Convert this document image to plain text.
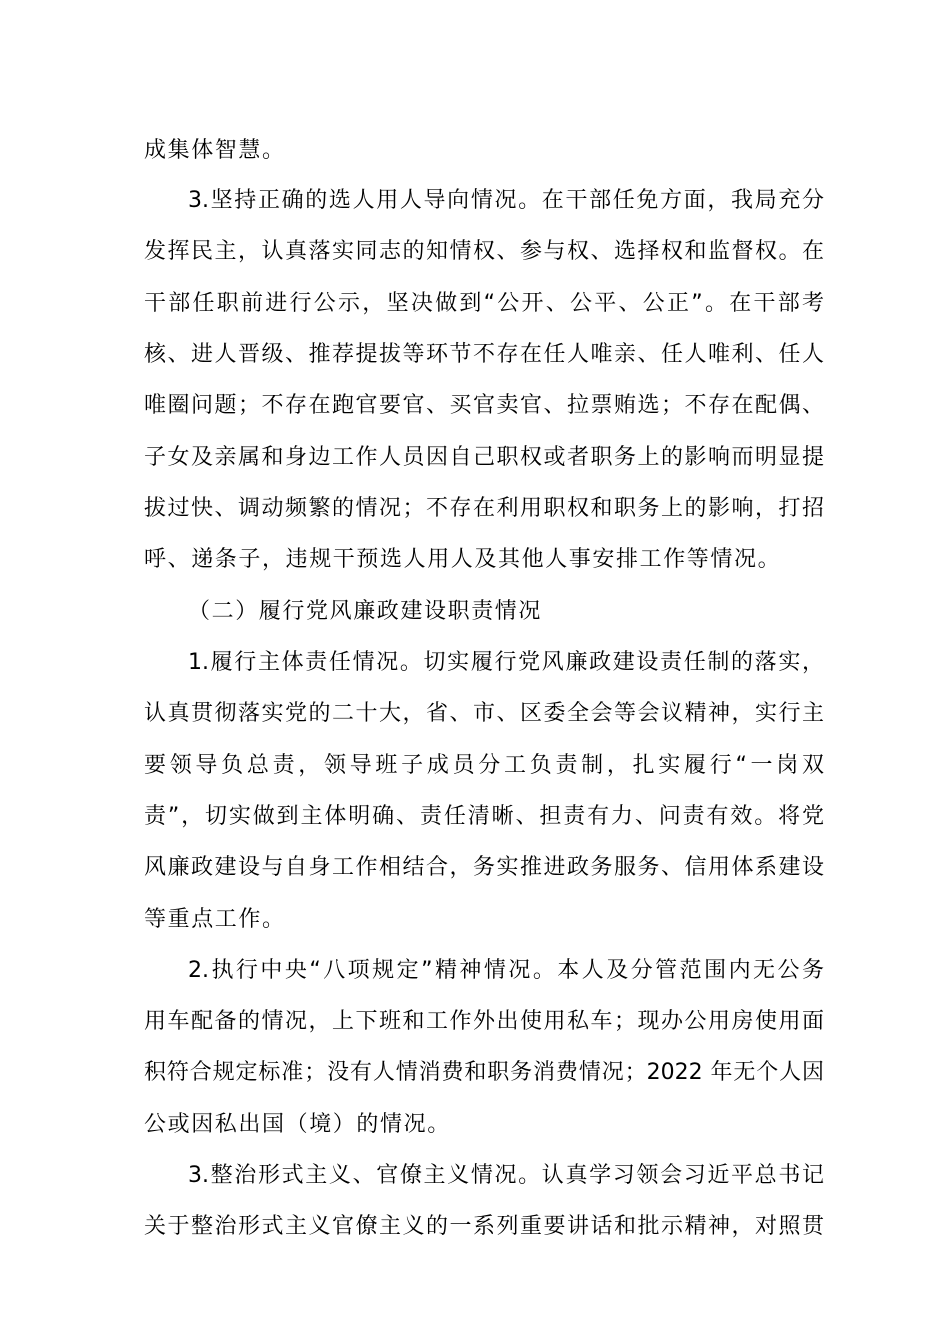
成集体智慧。
3.坚持正确的选人用人导向情况。在干部任免方面，我局充分
发挥民主，认真落实同志的知情权、参与权、选择权和监督权。在
干部任职前进行公示，坚决做到“公开、公平、公正”。在干部考
核、进人晋级、推荐提拔等环节不存在任人唯亲、任人唯利、任人
唯圈问题；不存在跑官要官、买官卖官、拉票贿选；不存在配偶、
子女及亲属和身边工作人员因自己职权或者职务上的影响而明显提
拔过快、调动频繁的情况；不存在利用职权和职务上的影响，打招
呼、递条子，违规干预选人用人及其他人事安排工作等情况。
（二）履行党风廉政建设职责情况
1.履行主体责任情况。切实履行党风廉政建设责任制的落实，
认真贯彻落实党的二十大，省、市、区委全会等会议精神，实行主
要领导负总责，领导班子成员分工负责制，扎实履行“一岗双
责”，切实做到主体明确、责任清晰、担责有力、问责有效。将党
风廉政建设与自身工作相结合，务实推进政务服务、信用体系建设
等重点工作。
2.执行中央“八项规定”精神情况。本人及分管范围内无公务
用车配备的情况，上下班和工作外出使用私车；现办公用房使用面
积符合规定标准；没有人情消费和职务消费情况；2022 年无个人因
公或因私出国（境）的情况。
3.整治形式主义、官僚主义情况。认真学习领会习近平总书记
关于整治形式主义官僚主义的一系列重要讲话和批示精神，对照贯
